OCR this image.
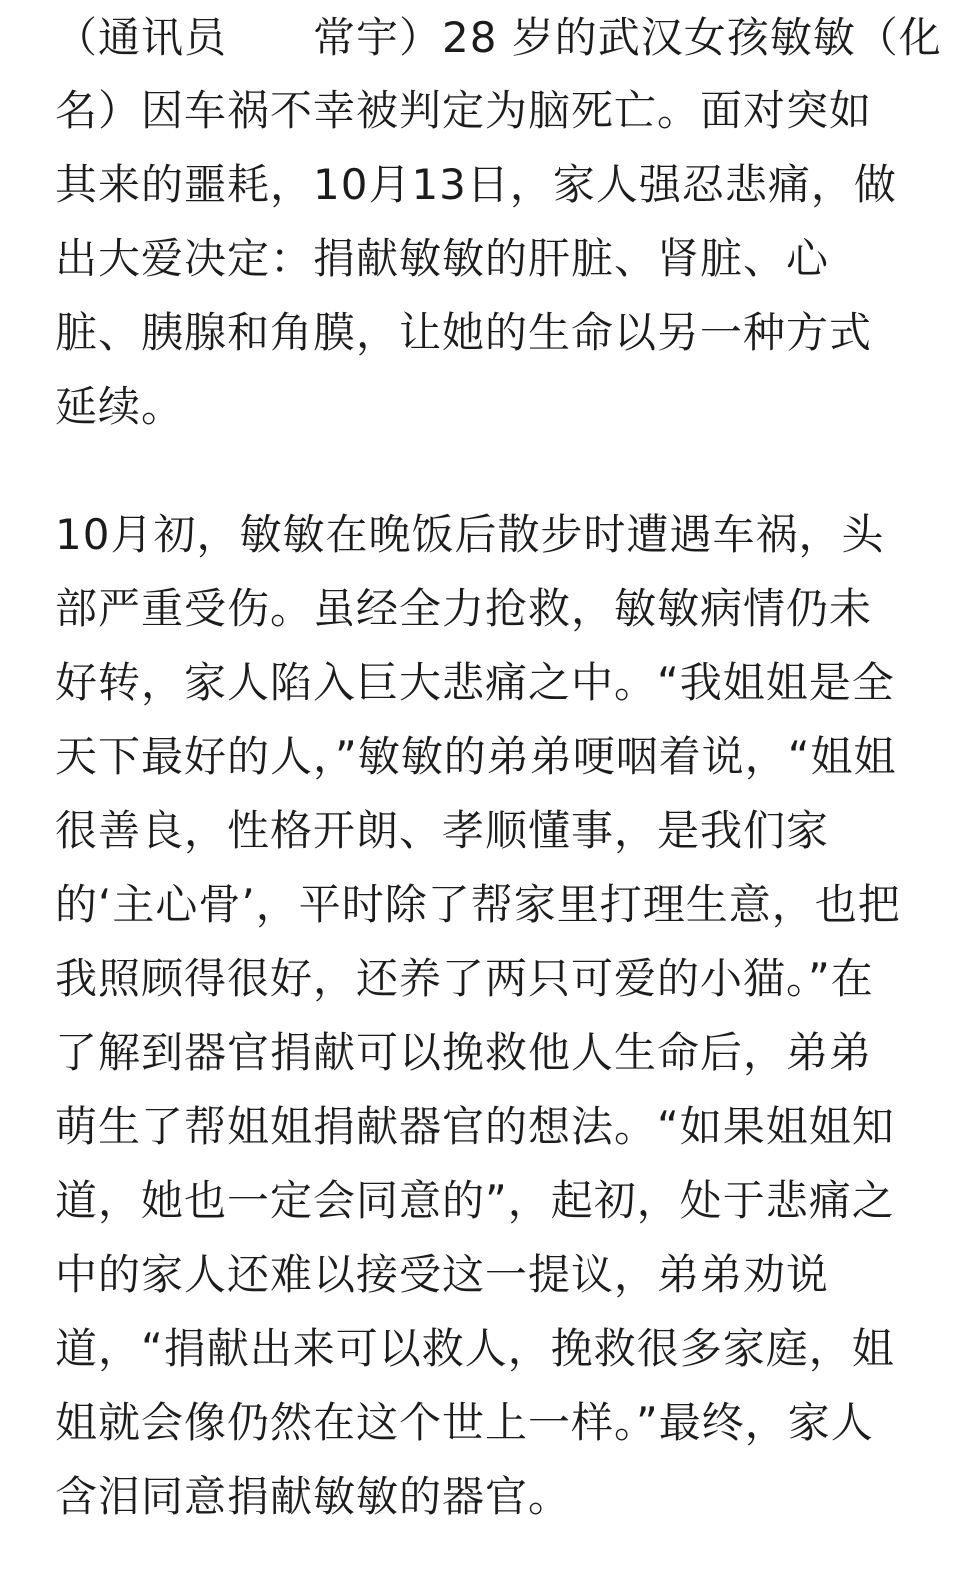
（通讯员　　常宇）28 岁的武汉女孩敏敏（化
名）因车祸不幸被判定为脑死亡。面对突如
其来的噩耗，10月13日，家人强忍悲痛，做
出大爱决定：捐献敏敏的肝脏、肾脏、心
脏、胰腺和角膜，让她的生命以另一种方式
延续。
10月初，敏敏在晚饭后散步时遭遇车祸，头
部严重受伤。虽经全力抢救，敏敏病情仍未
好转，家人陷入巨大悲痛之中。“我姐姐是全
天下最好的人，”敏敏的弟弟哽咽着说，“姐姐
很善良，性格开朗、孝顺懂事，是我们家
的‘主心骨’，平时除了帮家里打理生意，也把
我照顾得很好，还养了两只可爱的小猫。”在
了解到器官捐献可以挽救他人生命后，弟弟
萌生了帮姐姐捐献器官的想法。“如果姐姐知
道，她也一定会同意的”，起初，处于悲痛之
中的家人还难以接受这一提议，弟弟劝说
道，“捐献出来可以救人，挽救很多家庭，姐
姐就会像仍然在这个世上一样。”最终，家人
含泪同意捐献敏敏的器官。
